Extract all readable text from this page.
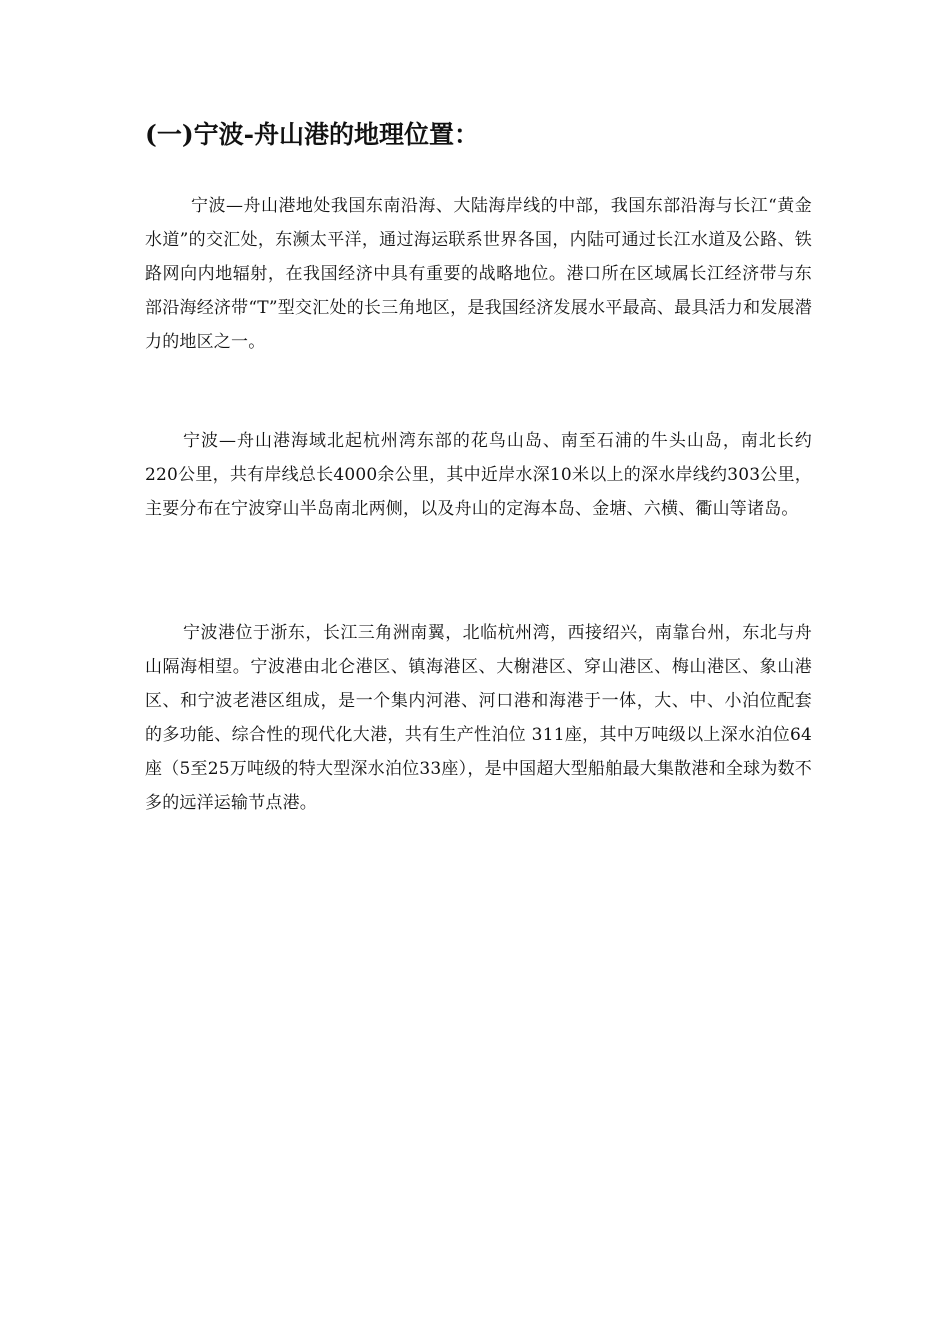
(一)宁波-舟山港的地理位置：

宁波—舟山港地处我国东南沿海、大陆海岸线的中部，我国东部沿海与长江“黄金水道”的交汇处，东濒太平洋，通过海运联系世界各国，内陆可通过长江水道及公路、铁路网向内地辐射，在我国经济中具有重要的战略地位。港口所在区域属长江经济带与东部沿海经济带“T”型交汇处的长三角地区，是我国经济发展水平最高、最具活力和发展潜力的地区之一。

宁波—舟山港海域北起杭州湾东部的花鸟山岛、南至石浦的牛头山岛，南北长约220公里，共有岸线总长4000余公里，其中近岸水深10米以上的深水岸线约303公里，主要分布在宁波穿山半岛南北两侧，以及舟山的定海本岛、金塘、六横、衢山等诸岛。

宁波港位于浙东，长江三角洲南翼，北临杭州湾，西接绍兴，南靠台州，东北与舟山隔海相望。宁波港由北仑港区、镇海港区、大榭港区、穿山港区、梅山港区、象山港区、和宁波老港区组成，是一个集内河港、河口港和海港于一体，大、中、小泊位配套的多功能、综合性的现代化大港，共有生产性泊位 311座，其中万吨级以上深水泊位64座（5至25万吨级的特大型深水泊位33座），是中国超大型船舶最大集散港和全球为数不多的远洋运输节点港。
